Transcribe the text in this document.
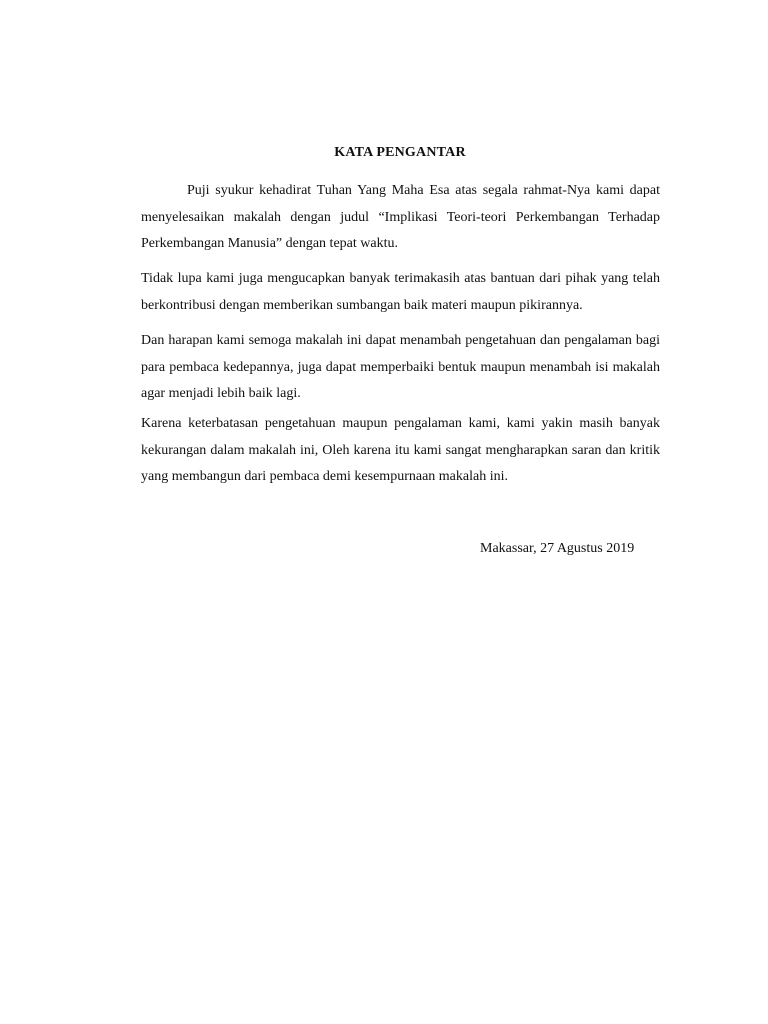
KATA PENGANTAR

Puji syukur kehadirat Tuhan Yang Maha Esa atas segala rahmat-Nya kami dapat menyelesaikan makalah dengan judul “Implikasi Teori-teori Perkembangan Terhadap Perkembangan Manusia” dengan tepat waktu.

Tidak lupa kami juga mengucapkan banyak terimakasih atas bantuan dari pihak yang telah berkontribusi dengan memberikan sumbangan baik materi maupun pikirannya.

Dan harapan kami semoga makalah ini dapat menambah pengetahuan dan pengalaman bagi para pembaca kedepannya, juga dapat memperbaiki bentuk maupun menambah isi makalah agar menjadi lebih baik lagi.

Karena keterbatasan pengetahuan maupun pengalaman kami, kami yakin masih banyak kekurangan dalam makalah ini, Oleh karena itu kami sangat mengharapkan saran dan kritik yang membangun dari pembaca demi kesempurnaan makalah ini.

Makassar, 27 Agustus 2019
